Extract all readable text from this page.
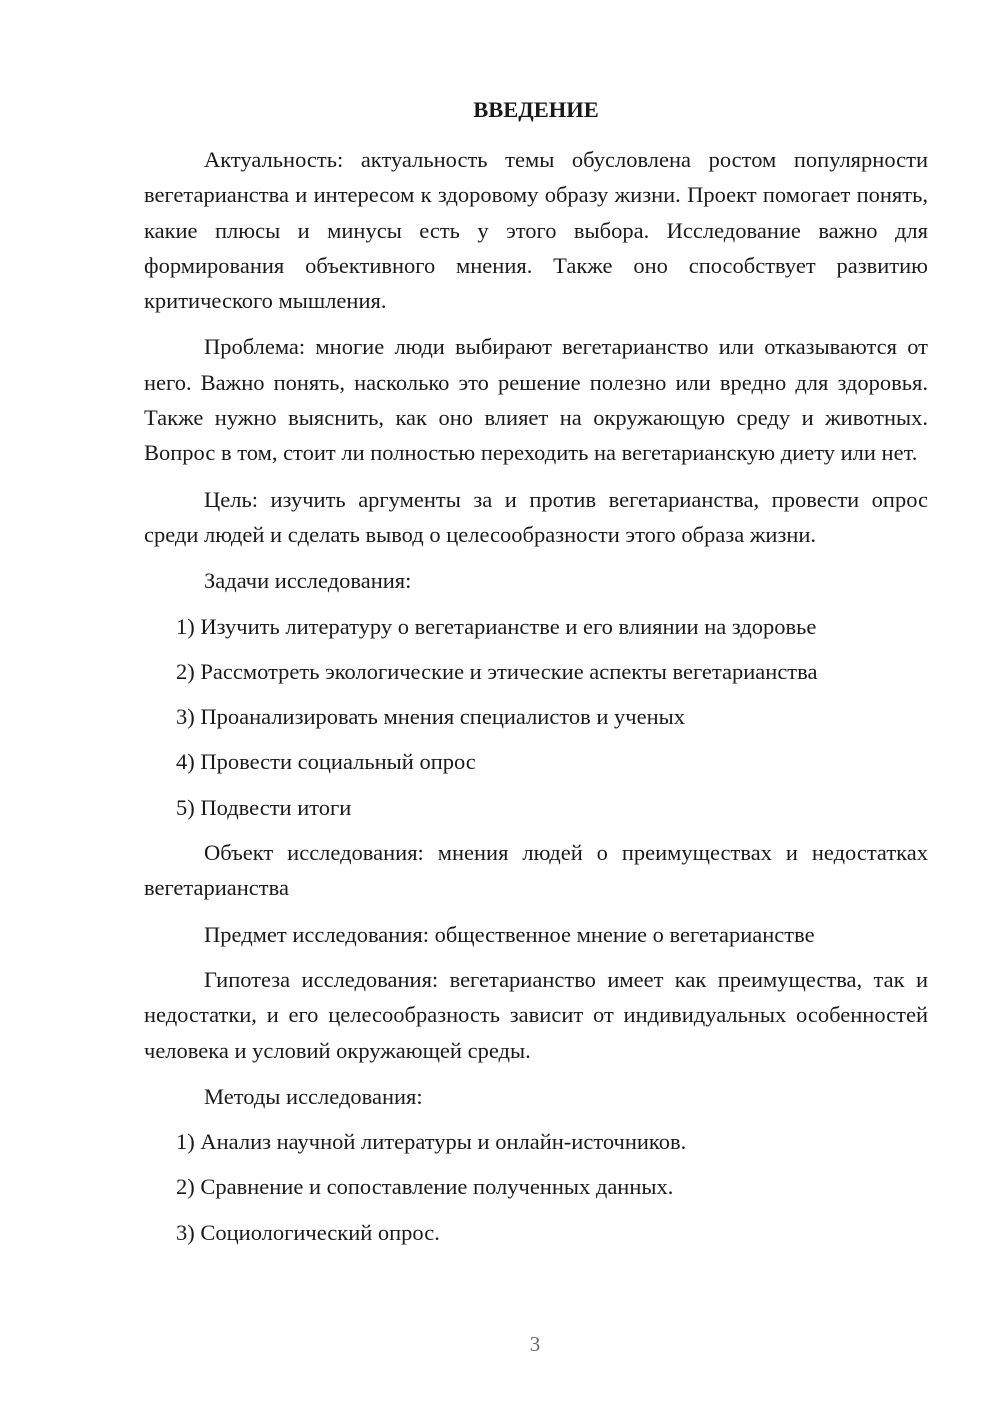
ВВЕДЕНИЕ

Актуальность: актуальность темы обусловлена ростом популярности вегетарианства и интересом к здоровому образу жизни. Проект помогает понять, какие плюсы и минусы есть у этого выбора. Исследование важно для формирования объективного мнения. Также оно способствует развитию критического мышления.

Проблема: многие люди выбирают вегетарианство или отказываются от него. Важно понять, насколько это решение полезно или вредно для здоровья. Также нужно выяснить, как оно влияет на окружающую среду и животных. Вопрос в том, стоит ли полностью переходить на вегетарианскую диету или нет.

Цель: изучить аргументы за и против вегетарианства, провести опрос среди людей и сделать вывод о целесообразности этого образа жизни.

Задачи исследования:

1) Изучить литературу о вегетарианстве и его влиянии на здоровье
2) Рассмотреть экологические и этические аспекты вегетарианства
3) Проанализировать мнения специалистов и ученых
4) Провести социальный опрос
5) Подвести итоги

Объект исследования: мнения людей о преимуществах и недостатках вегетарианства

Предмет исследования: общественное мнение о вегетарианстве

Гипотеза исследования: вегетарианство имеет как преимущества, так и недостатки, и его целесообразность зависит от индивидуальных особенностей человека и условий окружающей среды.

Методы исследования:

1) Анализ научной литературы и онлайн-источников.
2) Сравнение и сопоставление полученных данных.
3) Социологический опрос.
3
